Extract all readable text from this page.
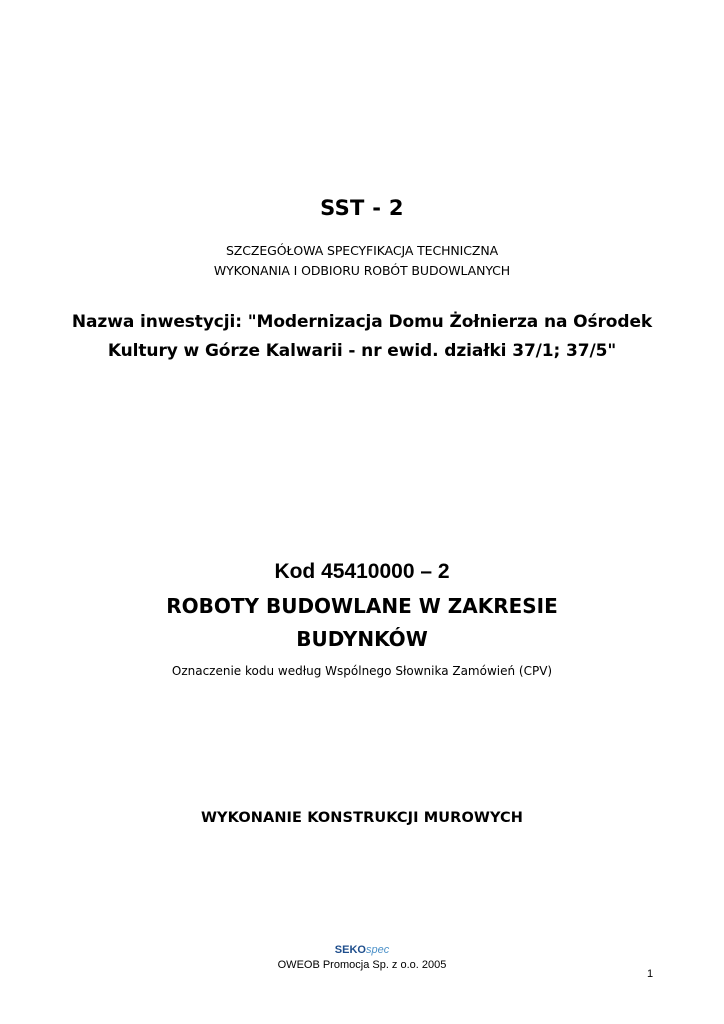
SST - 2
SZCZEGÓŁOWA SPECYFIKACJA TECHNICZNA
WYKONANIA I ODBIORU ROBÓT BUDOWLANYCH
Nazwa inwestycji: "Modernizacja Domu Żołnierza na Ośrodek
Kultury w Górze Kalwarii - nr ewid. działki 37/1; 37/5"
Kod 45410000 – 2
ROBOTY BUDOWLANE W ZAKRESIE
BUDYNKÓW
Oznaczenie kodu według Wspólnego Słownika Zamówień (CPV)
WYKONANIE KONSTRUKCJI MUROWYCH
SEKOspec
OWEOB Promocja Sp. z o.o. 2005
1
